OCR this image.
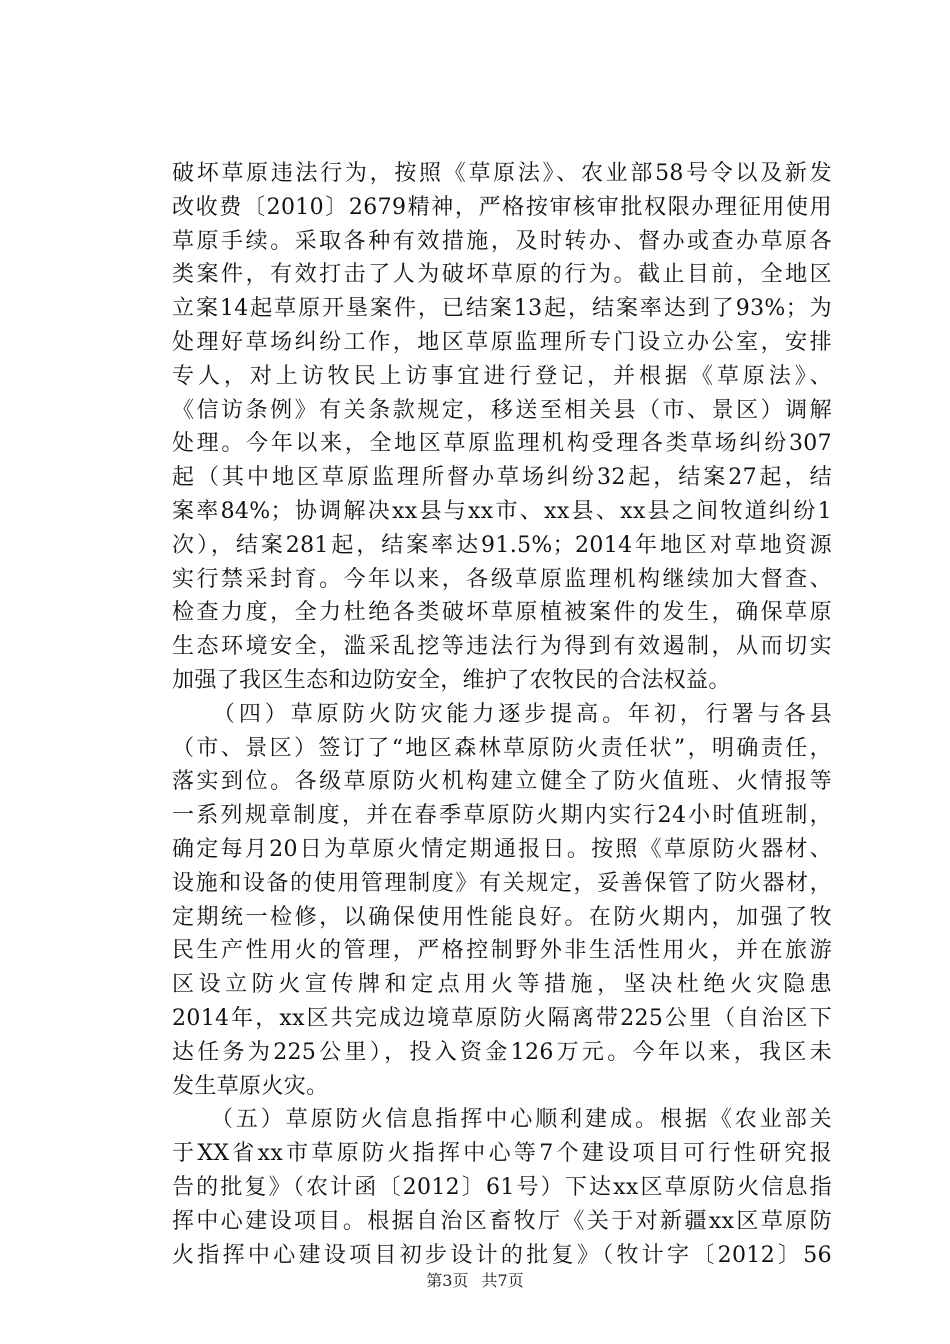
破坏草原违法行为，按照《草原法》、农业部58号令以及新发
改收费〔2010〕2679精神，严格按审核审批权限办理征用使用
草原手续。采取各种有效措施，及时转办、督办或查办草原各
类案件，有效打击了人为破坏草原的行为。截止目前，全地区
立案14起草原开垦案件，已结案13起，结案率达到了93%；为
处理好草场纠纷工作，地区草原监理所专门设立办公室，安排
专人，对上访牧民上访事宜进行登记，并根据《草原法》、
《信访条例》有关条款规定，移送至相关县（市、景区）调解
处理。今年以来，全地区草原监理机构受理各类草场纠纷307
起（其中地区草原监理所督办草场纠纷32起，结案27起，结
案率84%；协调解决xx县与xx市、xx县、xx县之间牧道纠纷1
次），结案281起，结案率达91.5%；2014年地区对草地资源
实行禁采封育。今年以来，各级草原监理机构继续加大督查、
检查力度，全力杜绝各类破坏草原植被案件的发生，确保草原
生态环境安全，滥采乱挖等违法行为得到有效遏制，从而切实
加强了我区生态和边防安全，维护了农牧民的合法权益。
　　（四）草原防火防灾能力逐步提高。年初，行署与各县
（市、景区）签订了“地区森林草原防火责任状”，明确责任，
落实到位。各级草原防火机构建立健全了防火值班、火情报等
一系列规章制度，并在春季草原防火期内实行24小时值班制，
确定每月20日为草原火情定期通报日。按照《草原防火器材、
设施和设备的使用管理制度》有关规定，妥善保管了防火器材，
定期统一检修，以确保使用性能良好。在防火期内，加强了牧
民生产性用火的管理，严格控制野外非生活性用火，并在旅游
区设立防火宣传牌和定点用火等措施，坚决杜绝火灾隐患
2014年，xx区共完成边境草原防火隔离带225公里（自治区下
达任务为225公里），投入资金126万元。今年以来，我区未
发生草原火灾。
　　（五）草原防火信息指挥中心顺利建成。根据《农业部关
于XX省xx市草原防火指挥中心等7个建设项目可行性研究报
告的批复》（农计函〔2012〕61号）下达xx区草原防火信息指
挥中心建设项目。根据自治区畜牧厅《关于对新疆xx区草原防
火指挥中心建设项目初步设计的批复》（牧计字〔2012〕56
第3页 共7页
